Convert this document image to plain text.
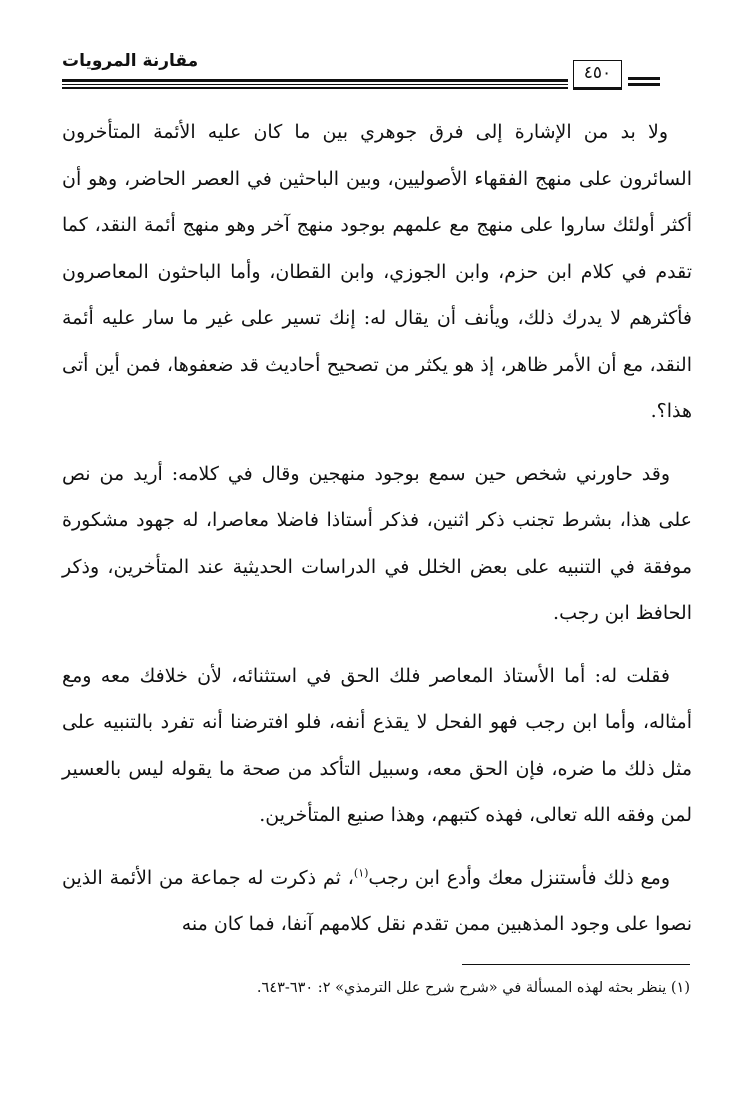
مقارنة المرويات
٤٥٠

ولا بد من الإشارة إلى فرق جوهري بين ما كان عليه الأئمة المتأخرون السائرون على منهج الفقهاء الأصوليين، وبين الباحثين في العصر الحاضر، وهو أن أكثر أولئك ساروا على منهج مع علمهم بوجود منهج آخر وهو منهج أئمة النقد، كما تقدم في كلام ابن حزم، وابن الجوزي، وابن القطان، وأما الباحثون المعاصرون فأكثرهم لا يدرك ذلك، ويأنف أن يقال له: إنك تسير على غير ما سار عليه أئمة النقد، مع أن الأمر ظاهر، إذ هو يكثر من تصحيح أحاديث قد ضعفوها، فمن أين أتى هذا؟.

وقد حاورني شخص حين سمع بوجود منهجين وقال في كلامه: أريد من نص على هذا، بشرط تجنب ذكر اثنين، فذكر أستاذا فاضلا معاصرا، له جهود مشكورة موفقة في التنبيه على بعض الخلل في الدراسات الحديثية عند المتأخرين، وذكر الحافظ ابن رجب.

فقلت له: أما الأستاذ المعاصر فلك الحق في استثنائه، لأن خلافك معه ومع أمثاله، وأما ابن رجب فهو الفحل لا يقذع أنفه، فلو افترضنا أنه تفرد بالتنبيه على مثل ذلك ما ضره، فإن الحق معه، وسبيل التأكد من صحة ما يقوله ليس بالعسير لمن وفقه الله تعالى، فهذه كتبهم، وهذا صنيع المتأخرين.

ومع ذلك فأستنزل معك وأدع ابن رجب$^{(١)}$، ثم ذكرت له جماعة من الأئمة الذين نصوا على وجود المذهبين ممن تقدم نقل كلامهم آنفا، فما كان منه

(١) ينظر بحثه لهذه المسألة في «شرح شرح علل الترمذي» ٢: ٦٣٠-٦٤٣.
